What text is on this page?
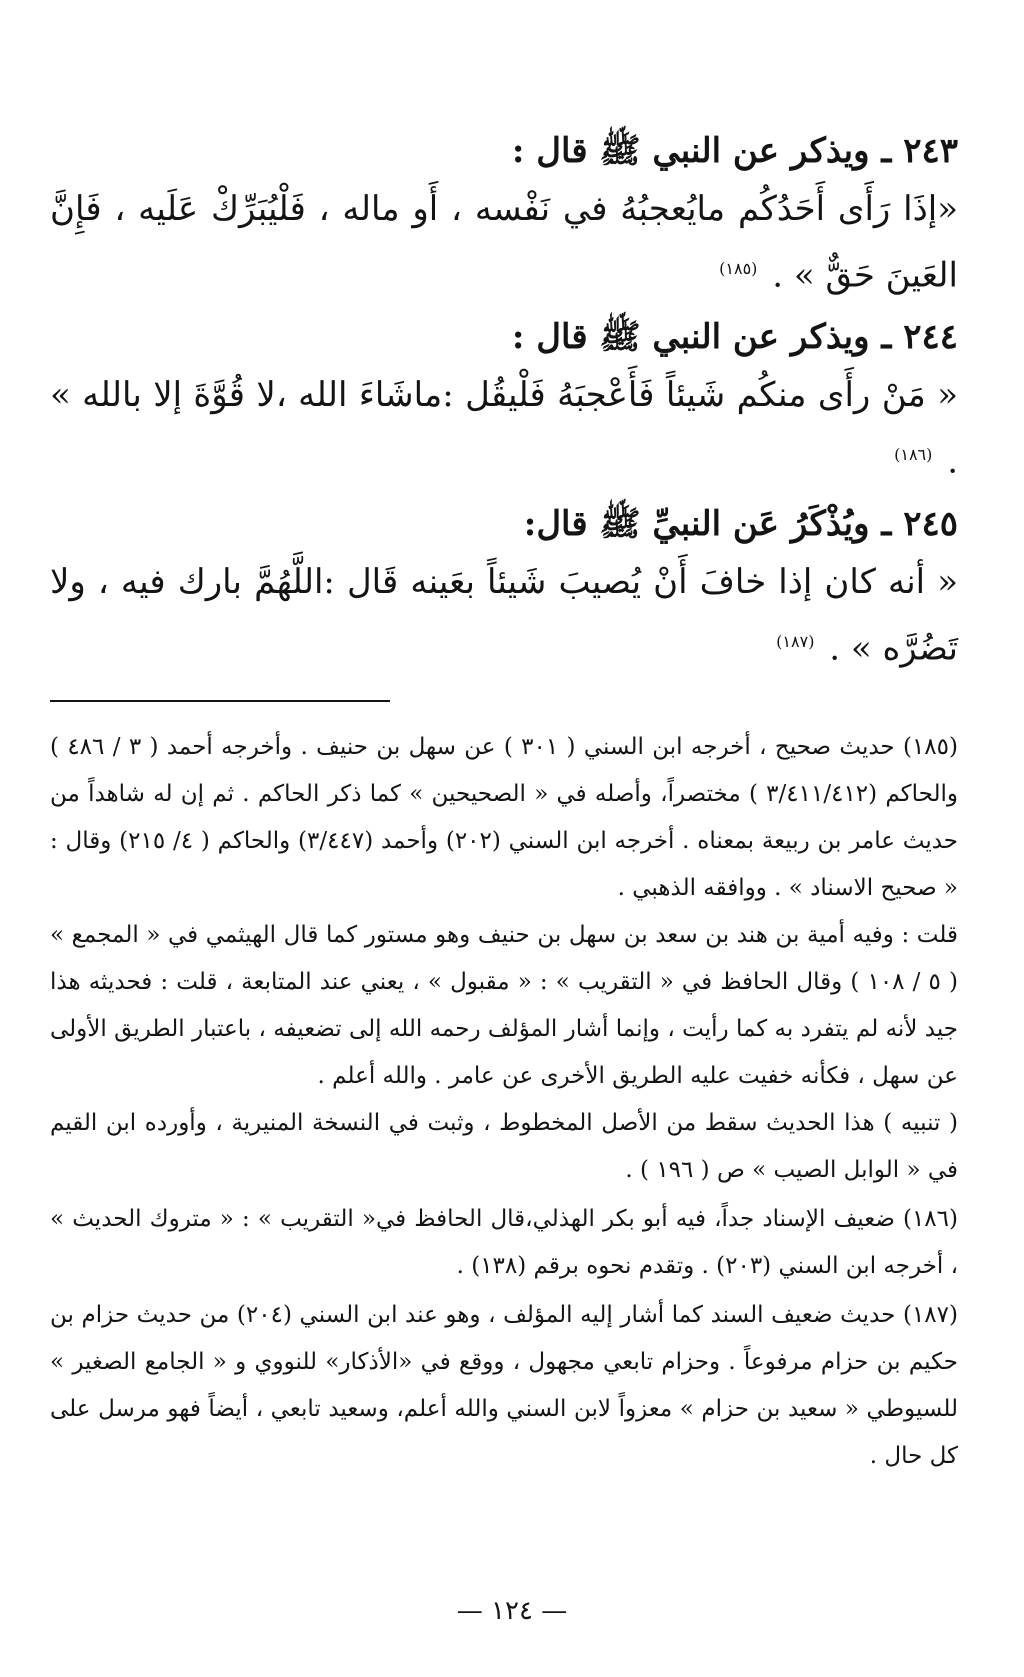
٢٤٣ ـ ويذكر عن النبي ﷺ قال :

«إذَا رَأَى أَحَدُكُم مايُعجبُهُ في نَفْسه ، أَو ماله ، فَلْيُبَرِّكْ عَلَيه ، فَإِنَّ العَينَ حَقٌّ » . $^{(١٨٥)}$

٢٤٤ ـ ويذكر عن النبي ﷺ قال :

« مَنْ رأَى منكُم شَيئاً فَأَعْجبَهُ فَلْيقُل :ماشَاءَ الله ،لا قُوَّةَ إلا بالله » . $^{(١٨٦)}$

٢٤٥ ـ ويُذْكَرُ عَن النبيِّ ﷺ قال:

« أنه كان إذا خافَ أَنْ يُصيبَ شَيئاً بعَينه قَال :اللَّهُمَّ بارك فيه ، ولا تَضُرَّه » . $^{(١٨٧)}$

(١٨٥) حديث صحيح ، أخرجه ابن السني ( ٣٠١ ) عن سهل بن حنيف . وأخرجه أحمد ( ٣ / ٤٨٦ ) والحاكم (٣/٤١١/٤١٢ ) مختصراً، وأصله في « الصحيحين » كما ذكر الحاكم . ثم إن له شاهداً من حديث عامر بن ربيعة بمعناه . أخرجه ابن السني (٢٠٢) وأحمد (٣/٤٤٧) والحاكم ( ٤/ ٢١٥) وقال : « صحيح الاسناد » . ووافقه الذهبي .

قلت : وفيه أمية بن هند بن سعد بن سهل بن حنيف وهو مستور كما قال الهيثمي في « المجمع » ( ٥ / ١٠٨ ) وقال الحافظ في « التقريب » : « مقبول » ، يعني عند المتابعة ، قلت : فحديثه هذا جيد لأنه لم يتفرد به كما رأيت ، وإنما أشار المؤلف رحمه الله إلى تضعيفه ، باعتبار الطريق الأولى عن سهل ، فكأنه خفيت عليه الطريق الأخرى عن عامر . والله أعلم .

( تنبيه ) هذا الحديث سقط من الأصل المخطوط ، وثبت في النسخة المنيرية ، وأورده ابن القيم في « الوابل الصيب » ص ( ١٩٦ ) .

(١٨٦) ضعيف الإسناد جداً، فيه أبو بكر الهذلي،قال الحافظ في« التقريب » : « متروك الحديث » ، أخرجه ابن السني (٢٠٣) . وتقدم نحوه برقم (١٣٨) .

(١٨٧) حديث ضعيف السند كما أشار إليه المؤلف ، وهو عند ابن السني (٢٠٤) من حديث حزام بن حكيم بن حزام مرفوعاً . وحزام تابعي مجهول ، ووقع في «الأذكار» للنووي و « الجامع الصغير » للسيوطي « سعيد بن حزام » معزواً لابن السني والله أعلم، وسعيد تابعي ، أيضاً فهو مرسل على كل حال .

— ١٢٤ —
